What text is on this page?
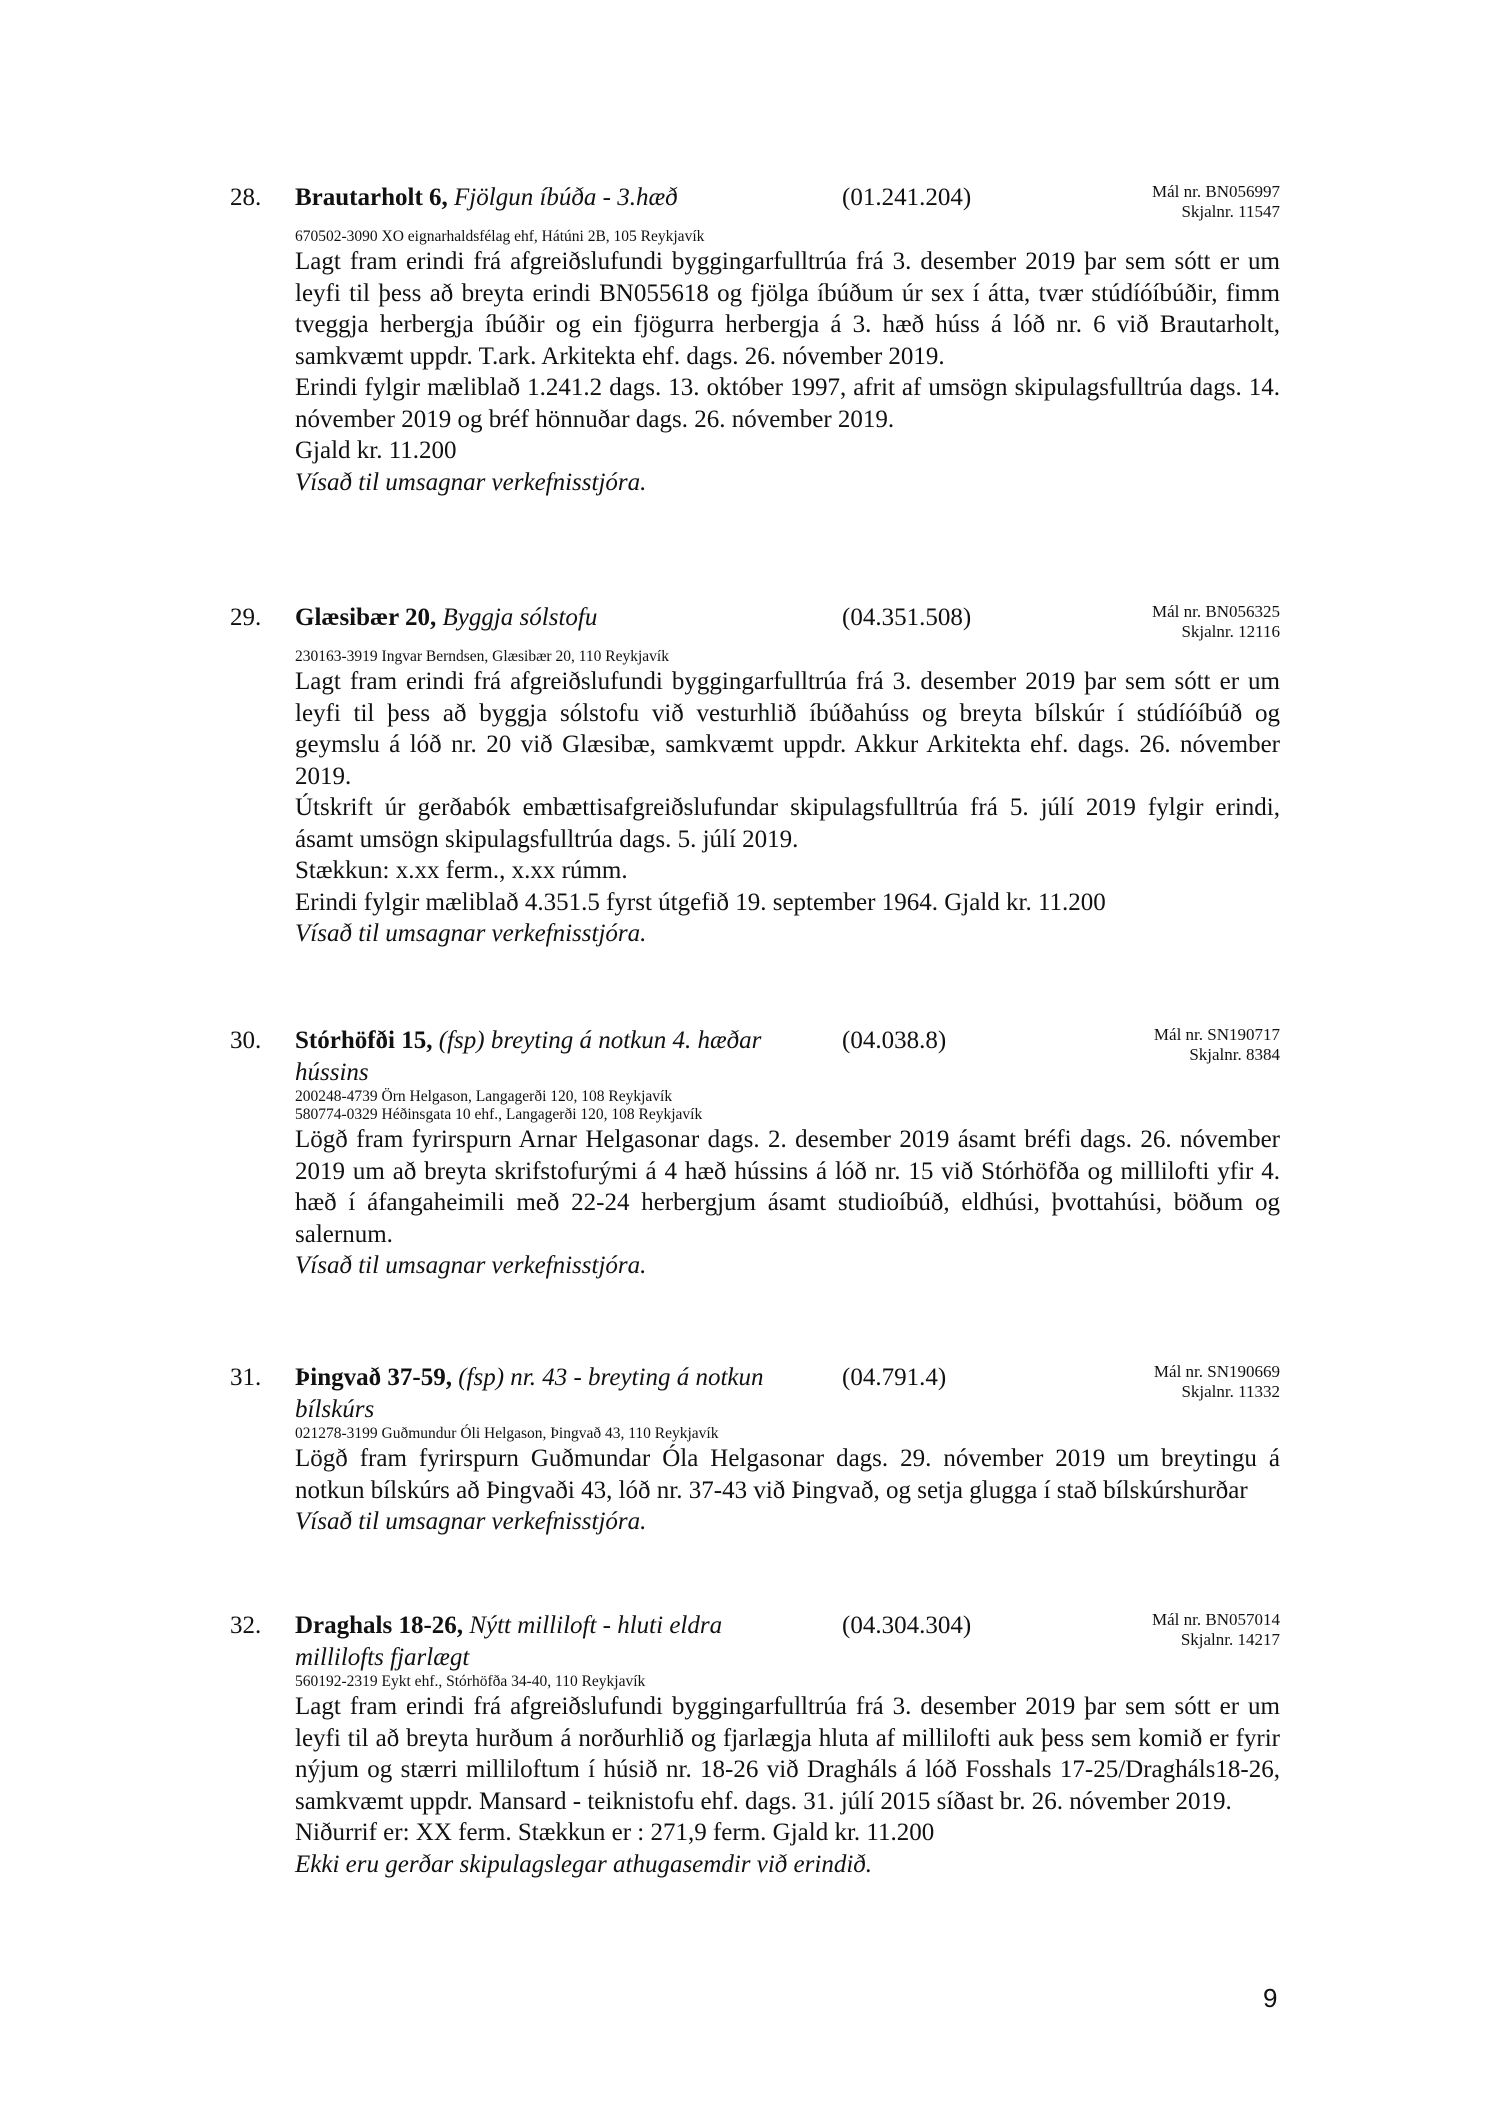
28. Brautarholt 6, Fjölgun íbúða - 3.hæð	(01.241.204)	Mál nr. BN056997
Skjalnr. 11547
670502-3090 XO eignarhaldsfélag ehf, Hátúni 2B, 105 Reykjavík
Lagt fram erindi frá afgreiðslufundi byggingarfulltrúa frá 3. desember 2019 þar sem sótt er um leyfi til þess að breyta erindi BN055618 og fjölga íbúðum úr sex í átta, tvær stúdíóíbúðir, fimm tveggja herbergja íbúðir og ein fjögurra herbergja á 3. hæð húss á lóð nr. 6 við Brautarholt, samkvæmt uppdr. T.ark. Arkitekta ehf. dags. 26. nóvember 2019.
Erindi fylgir mæliblað 1.241.2 dags. 13. október 1997, afrit af umsögn skipulagsfulltrúa dags. 14. nóvember 2019 og bréf hönnuðar dags. 26. nóvember 2019.
Gjald kr. 11.200
Vísað til umsagnar verkefnisstjóra.
29. Glæsibær 20, Byggja sólstofu	(04.351.508)	Mál nr. BN056325
Skjalnr. 12116
230163-3919 Ingvar Berndsen, Glæsibær 20, 110 Reykjavík
Lagt fram erindi frá afgreiðslufundi byggingarfulltrúa frá 3. desember 2019 þar sem sótt er um leyfi til þess að byggja sólstofu við vesturhlið íbúðahúss og breyta bílskúr í stúdíóíbúð og geymslu á lóð nr. 20 við Glæsibæ, samkvæmt uppdr. Akkur Arkitekta ehf. dags. 26. nóvember 2019.
Útskrift úr gerðabók embættisafgreiðslufundar skipulagsfulltrúa frá 5. júlí 2019 fylgir erindi, ásamt umsögn skipulagsfulltrúa dags. 5. júlí 2019.
Stækkun: x.xx ferm., x.xx rúmm.
Erindi fylgir mæliblað 4.351.5 fyrst útgefið 19. september 1964. Gjald kr. 11.200
Vísað til umsagnar verkefnisstjóra.
30. Stórhöfði 15, (fsp) breyting á notkun 4. hæðar hússins
(04.038.8)	Mál nr. SN190717
Skjalnr. 8384
200248-4739 Örn Helgason, Langagerði 120, 108 Reykjavík
580774-0329 Héðinsgata 10 ehf., Langagerði 120, 108 Reykjavík
Lögð fram fyrirspurn Arnar Helgasonar dags. 2. desember 2019 ásamt bréfi dags. 26. nóvember 2019 um að breyta skrifstofurými á 4 hæð hússins á lóð nr. 15 við Stórhöfða og millilofti yfir 4. hæð í áfangaheimili með 22-24 herbergjum ásamt studioíbúð, eldhúsi, þvottahúsi, böðum og salernum.
Vísað til umsagnar verkefnisstjóra.
31. Þingvað 37-59, (fsp) nr. 43 - breyting á notkun bílskúrs
(04.791.4)	Mál nr. SN190669
Skjalnr. 11332
021278-3199 Guðmundur Óli Helgason, Þingvað 43, 110 Reykjavík
Lögð fram fyrirspurn Guðmundar Óla Helgasonar dags. 29. nóvember 2019 um breytingu á notkun bílskúrs að Þingvaði 43, lóð nr. 37-43 við Þingvað, og setja glugga í stað bílskúrshurðar
Vísað til umsagnar verkefnisstjóra.
32. Draghals 18-26, Nýtt milliloft - hluti eldra millilofts fjarlægt
(04.304.304)	Mál nr. BN057014
Skjalnr. 14217
560192-2319 Eykt ehf., Stórhöfða 34-40, 110 Reykjavík
Lagt fram erindi frá afgreiðslufundi byggingarfulltrúa frá 3. desember 2019 þar sem sótt er um leyfi til að breyta hurðum á norðurhlið og fjarlægja hluta af millilofti auk þess sem komið er fyrir nýjum og stærri milliloftum í húsið nr. 18-26 við Dragháls á lóð Fosshals 17-25/Dragháls18-26, samkvæmt uppdr. Mansard - teiknistofu ehf. dags. 31. júlí 2015 síðast br. 26. nóvember 2019.
Niðurrif er: XX ferm. Stækkun er : 271,9 ferm. Gjald kr. 11.200
Ekki eru gerðar skipulagslegar athugasemdir við erindið.
9
